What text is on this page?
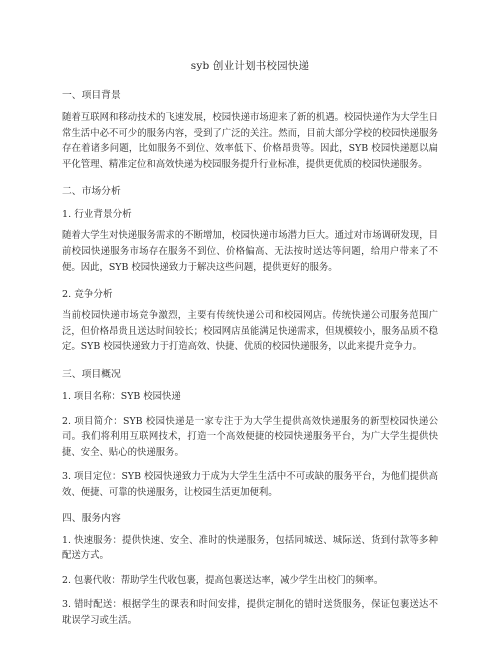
syb 创业计划书校园快递
一、项目背景

随着互联网和移动技术的飞速发展，校园快递市场迎来了新的机遇。校园快递作为大学生日常生活中必不可少的服务内容，受到了广泛的关注。然而，目前大部分学校的校园快递服务存在着诸多问题，比如服务不到位、效率低下、价格昂贵等。因此，SYB 校园快递愿以扁平化管理、精准定位和高效快递为校园服务提升行业标准，提供更优质的校园快递服务。

二、市场分析
1. 行业背景分析

随着大学生对快递服务需求的不断增加，校园快递市场潜力巨大。通过对市场调研发现，目前校园快递服务市场存在服务不到位、价格偏高、无法按时送达等问题，给用户带来了不便。因此，SYB 校园快递致力于解决这些问题，提供更好的服务。

2. 竞争分析

当前校园快递市场竞争激烈，主要有传统快递公司和校园网店。传统快递公司服务范围广泛，但价格昂贵且送达时间较长；校园网店虽能满足快递需求，但规模较小，服务品质不稳定。SYB 校园快递致力于打造高效、快捷、优质的校园快递服务，以此来提升竞争力。

三、项目概况

1. 项目名称：SYB 校园快递

2. 项目简介：SYB 校园快递是一家专注于为大学生提供高效快递服务的新型校园快递公司。我们将利用互联网技术，打造一个高效便捷的校园快递服务平台，为广大学生提供快捷、安全、贴心的快递服务。

3. 项目定位：SYB 校园快递致力于成为大学生生活中不可或缺的服务平台，为他们提供高效、便捷、可靠的快递服务，让校园生活更加便利。

四、服务内容

1. 快速服务：提供快速、安全、准时的快递服务，包括同城送、城际送、货到付款等多种配送方式。

2. 包裹代收：帮助学生代收包裹，提高包裹送达率，减少学生出校门的频率。

3. 错时配送：根据学生的课表和时间安排，提供定制化的错时送货服务，保证包裹送达不耽误学习或生活。
